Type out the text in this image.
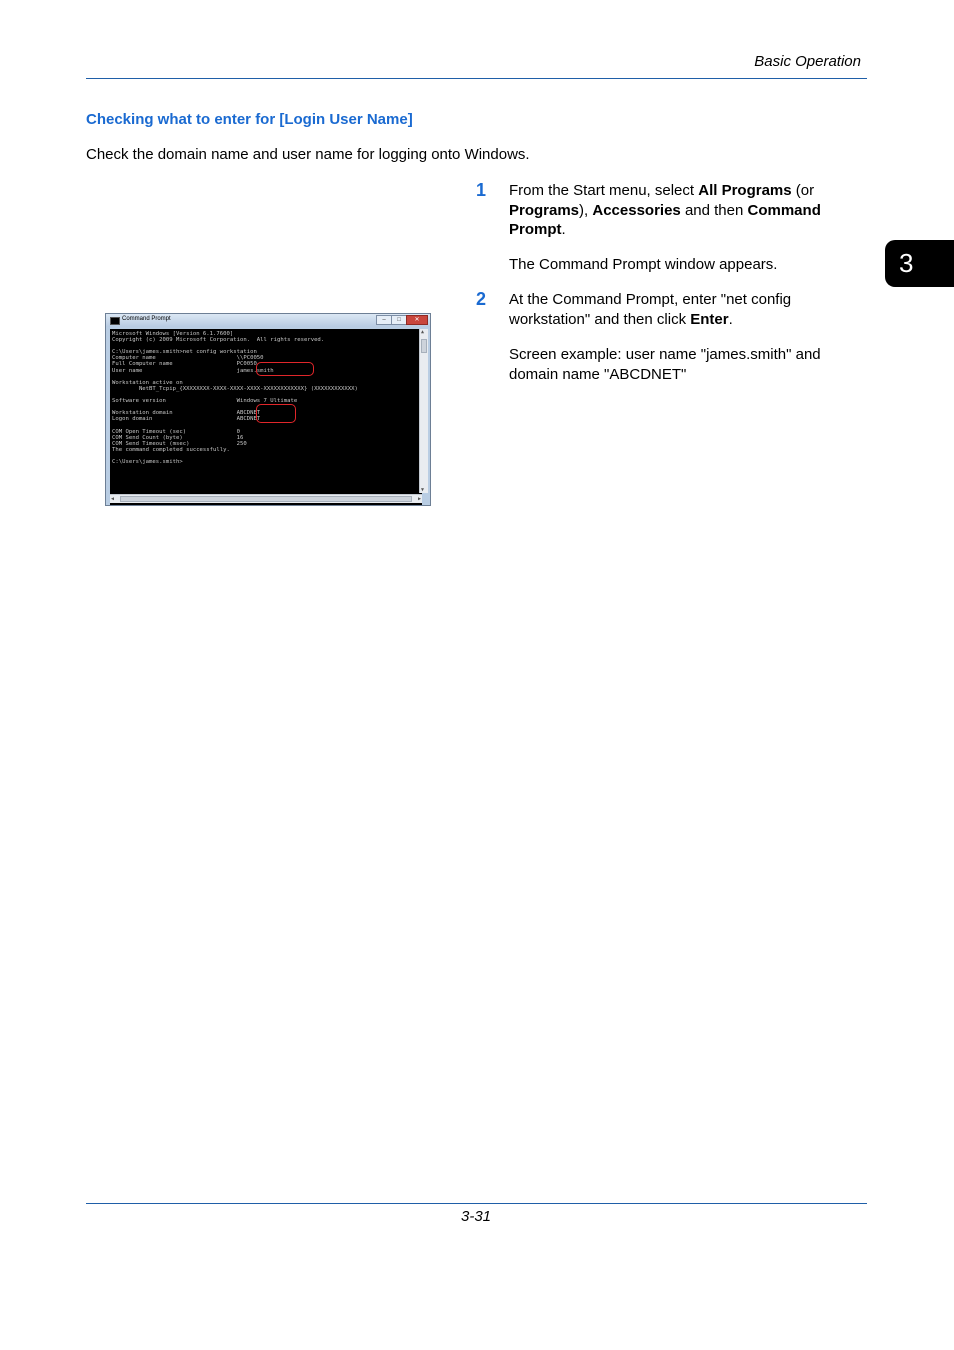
Basic Operation
3
Checking what to enter for [Login User Name]
Check the domain name and user name for logging onto Windows.
1 From the Start menu, select All Programs (or Programs), Accessories and then Command Prompt.
The Command Prompt window appears.
2 At the Command Prompt, enter "net config workstation" and then click Enter.
Screen example: user name "james.smith" and domain name "ABCDNET"
Command Prompt	–	□	✕
Microsoft Windows [Version 6.1.7600]
Copyright (c) 2009 Microsoft Corporation.  All rights reserved.

C:\Users\james.smith>net config workstation
Computer name                        \\PC0050
Full Computer name                   PC0050
User name                            james.smith

Workstation active on
NetBT_Tcpip_{XXXXXXXX-XXXX-XXXX-XXXX-XXXXXXXXXXXX} (XXXXXXXXXXXX)

Software version                     Windows 7 Ultimate

Workstation domain                   ABCDNET
Logon domain                         ABCDNET

COM Open Timeout (sec)               0
COM Send Count (byte)                16
COM Send Timeout (msec)              250
The command completed successfully.

C:\Users\james.smith>
▲
▼
◀	▶
3-31
